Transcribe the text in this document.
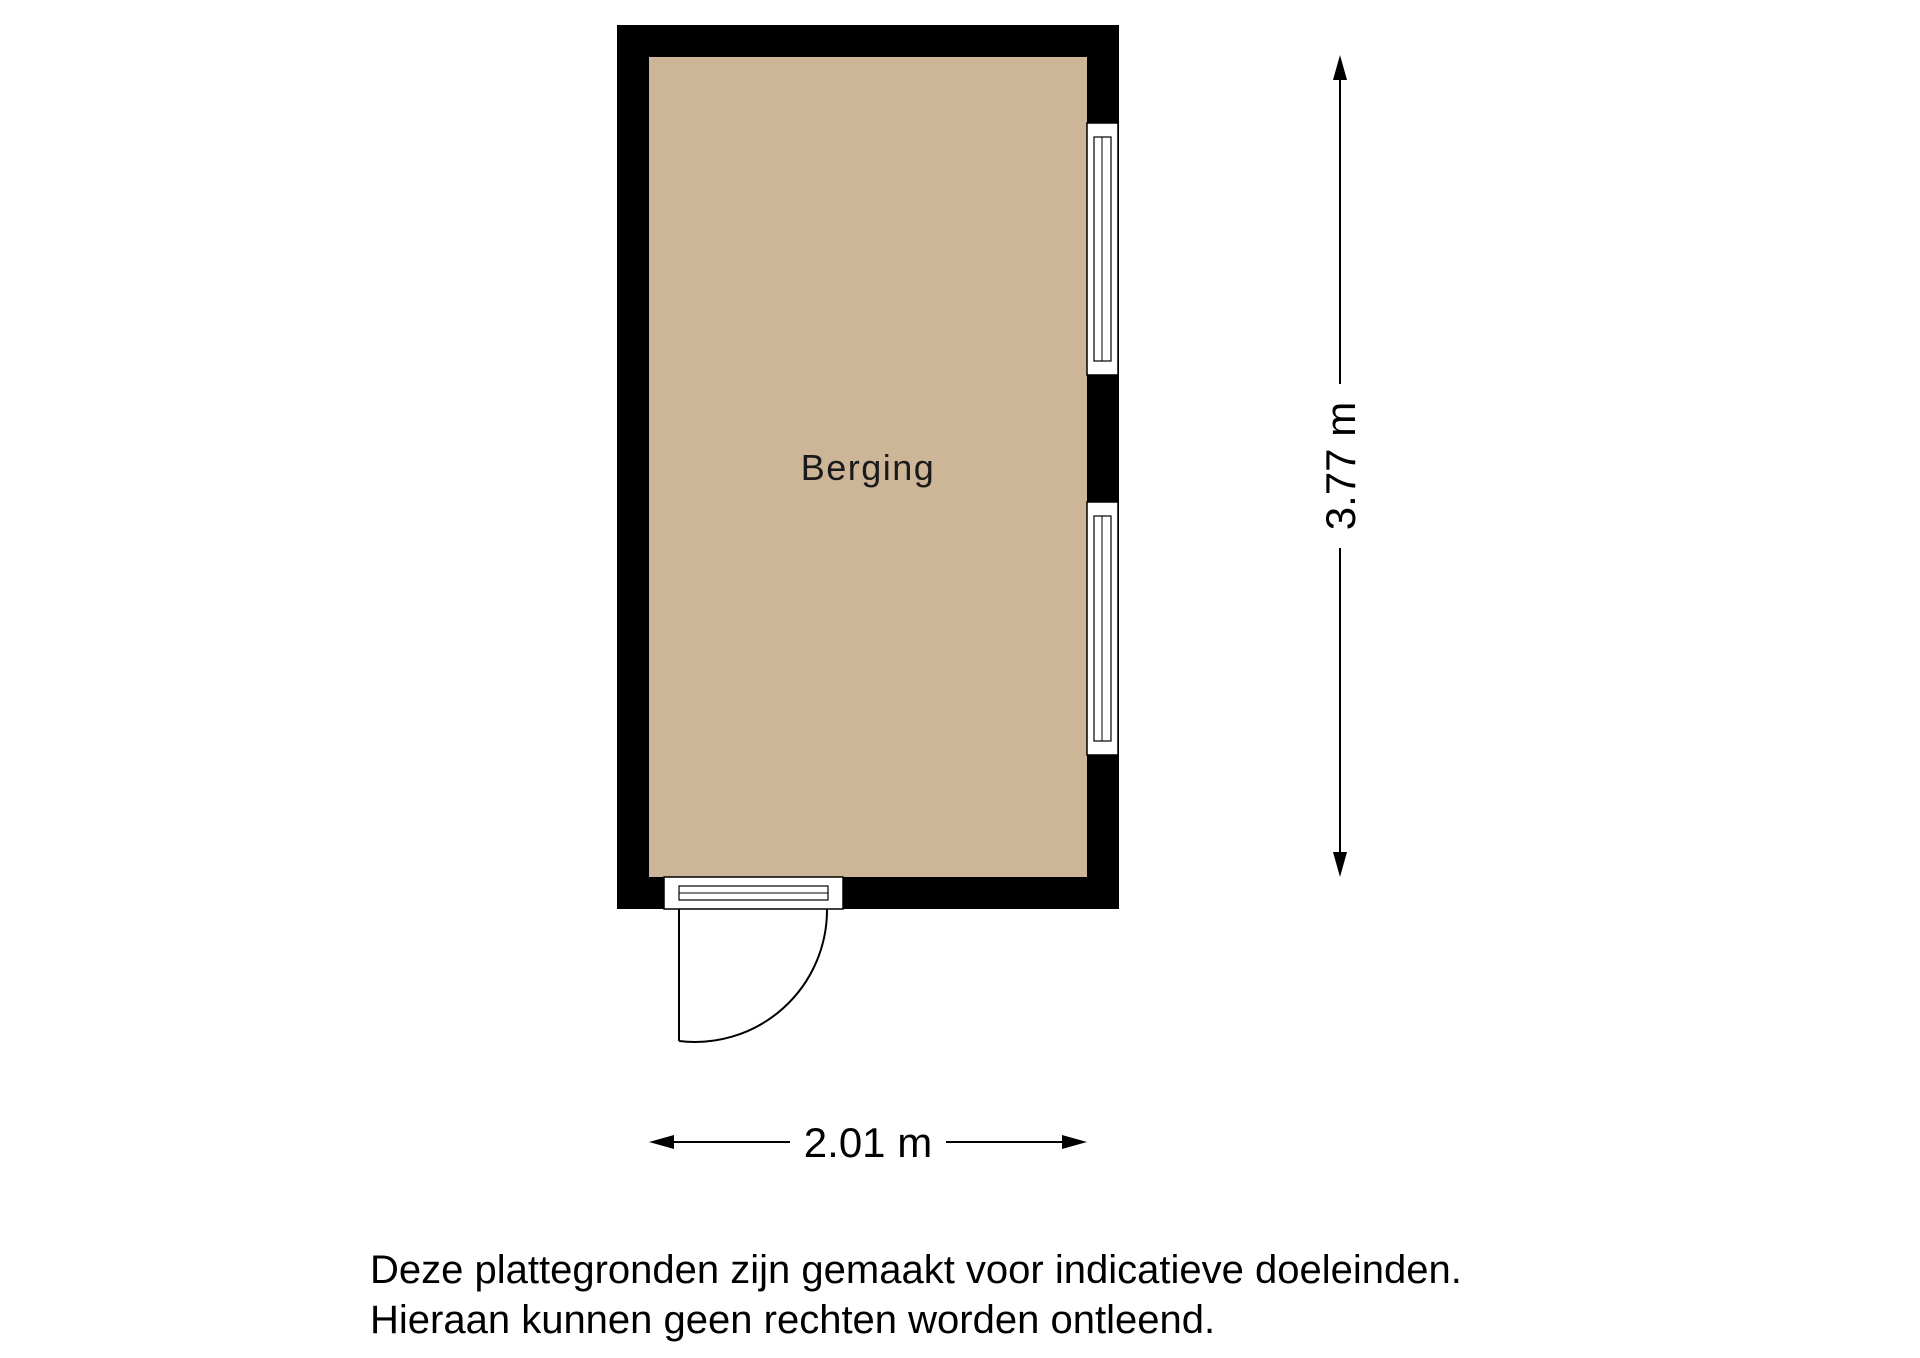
Berging	3.77 m
2.01 m
Deze plattegronden zijn gemaakt voor indicatieve doeleinden.
Hieraan kunnen geen rechten worden ontleend.
